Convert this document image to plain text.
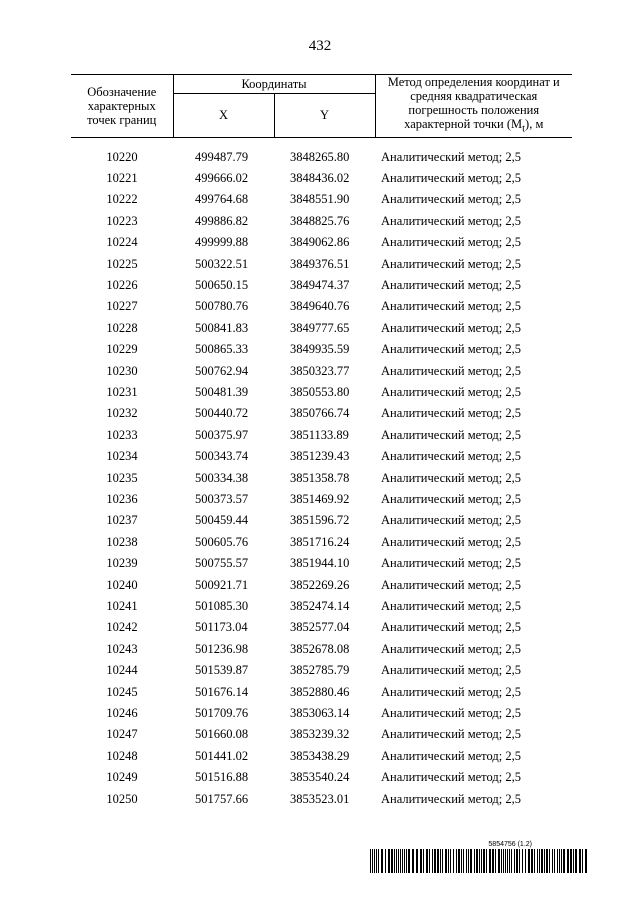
432
Обозначение характерных точек границ	Координаты		Метод определения координат и средняя квадратическая погрешность положения характерной точки $(M_t)$, м
	X	Y	

10220	499487.79	3848265.80	Аналитический метод; 2,5
10221	499666.02	3848436.02	Аналитический метод; 2,5
10222	499764.68	3848551.90	Аналитический метод; 2,5
10223	499886.82	3848825.76	Аналитический метод; 2,5
10224	499999.88	3849062.86	Аналитический метод; 2,5
10225	500322.51	3849376.51	Аналитический метод; 2,5
10226	500650.15	3849474.37	Аналитический метод; 2,5
10227	500780.76	3849640.76	Аналитический метод; 2,5
10228	500841.83	3849777.65	Аналитический метод; 2,5
10229	500865.33	3849935.59	Аналитический метод; 2,5
10230	500762.94	3850323.77	Аналитический метод; 2,5
10231	500481.39	3850553.80	Аналитический метод; 2,5
10232	500440.72	3850766.74	Аналитический метод; 2,5
10233	500375.97	3851133.89	Аналитический метод; 2,5
10234	500343.74	3851239.43	Аналитический метод; 2,5
10235	500334.38	3851358.78	Аналитический метод; 2,5
10236	500373.57	3851469.92	Аналитический метод; 2,5
10237	500459.44	3851596.72	Аналитический метод; 2,5
10238	500605.76	3851716.24	Аналитический метод; 2,5
10239	500755.57	3851944.10	Аналитический метод; 2,5
10240	500921.71	3852269.26	Аналитический метод; 2,5
10241	501085.30	3852474.14	Аналитический метод; 2,5
10242	501173.04	3852577.04	Аналитический метод; 2,5
10243	501236.98	3852678.08	Аналитический метод; 2,5
10244	501539.87	3852785.79	Аналитический метод; 2,5
10245	501676.14	3852880.46	Аналитический метод; 2,5
10246	501709.76	3853063.14	Аналитический метод; 2,5
10247	501660.08	3853239.32	Аналитический метод; 2,5
10248	501441.02	3853438.29	Аналитический метод; 2,5
10249	501516.88	3853540.24	Аналитический метод; 2,5
10250	501757.66	3853523.01	Аналитический метод; 2,5
5854756 (1.2)
